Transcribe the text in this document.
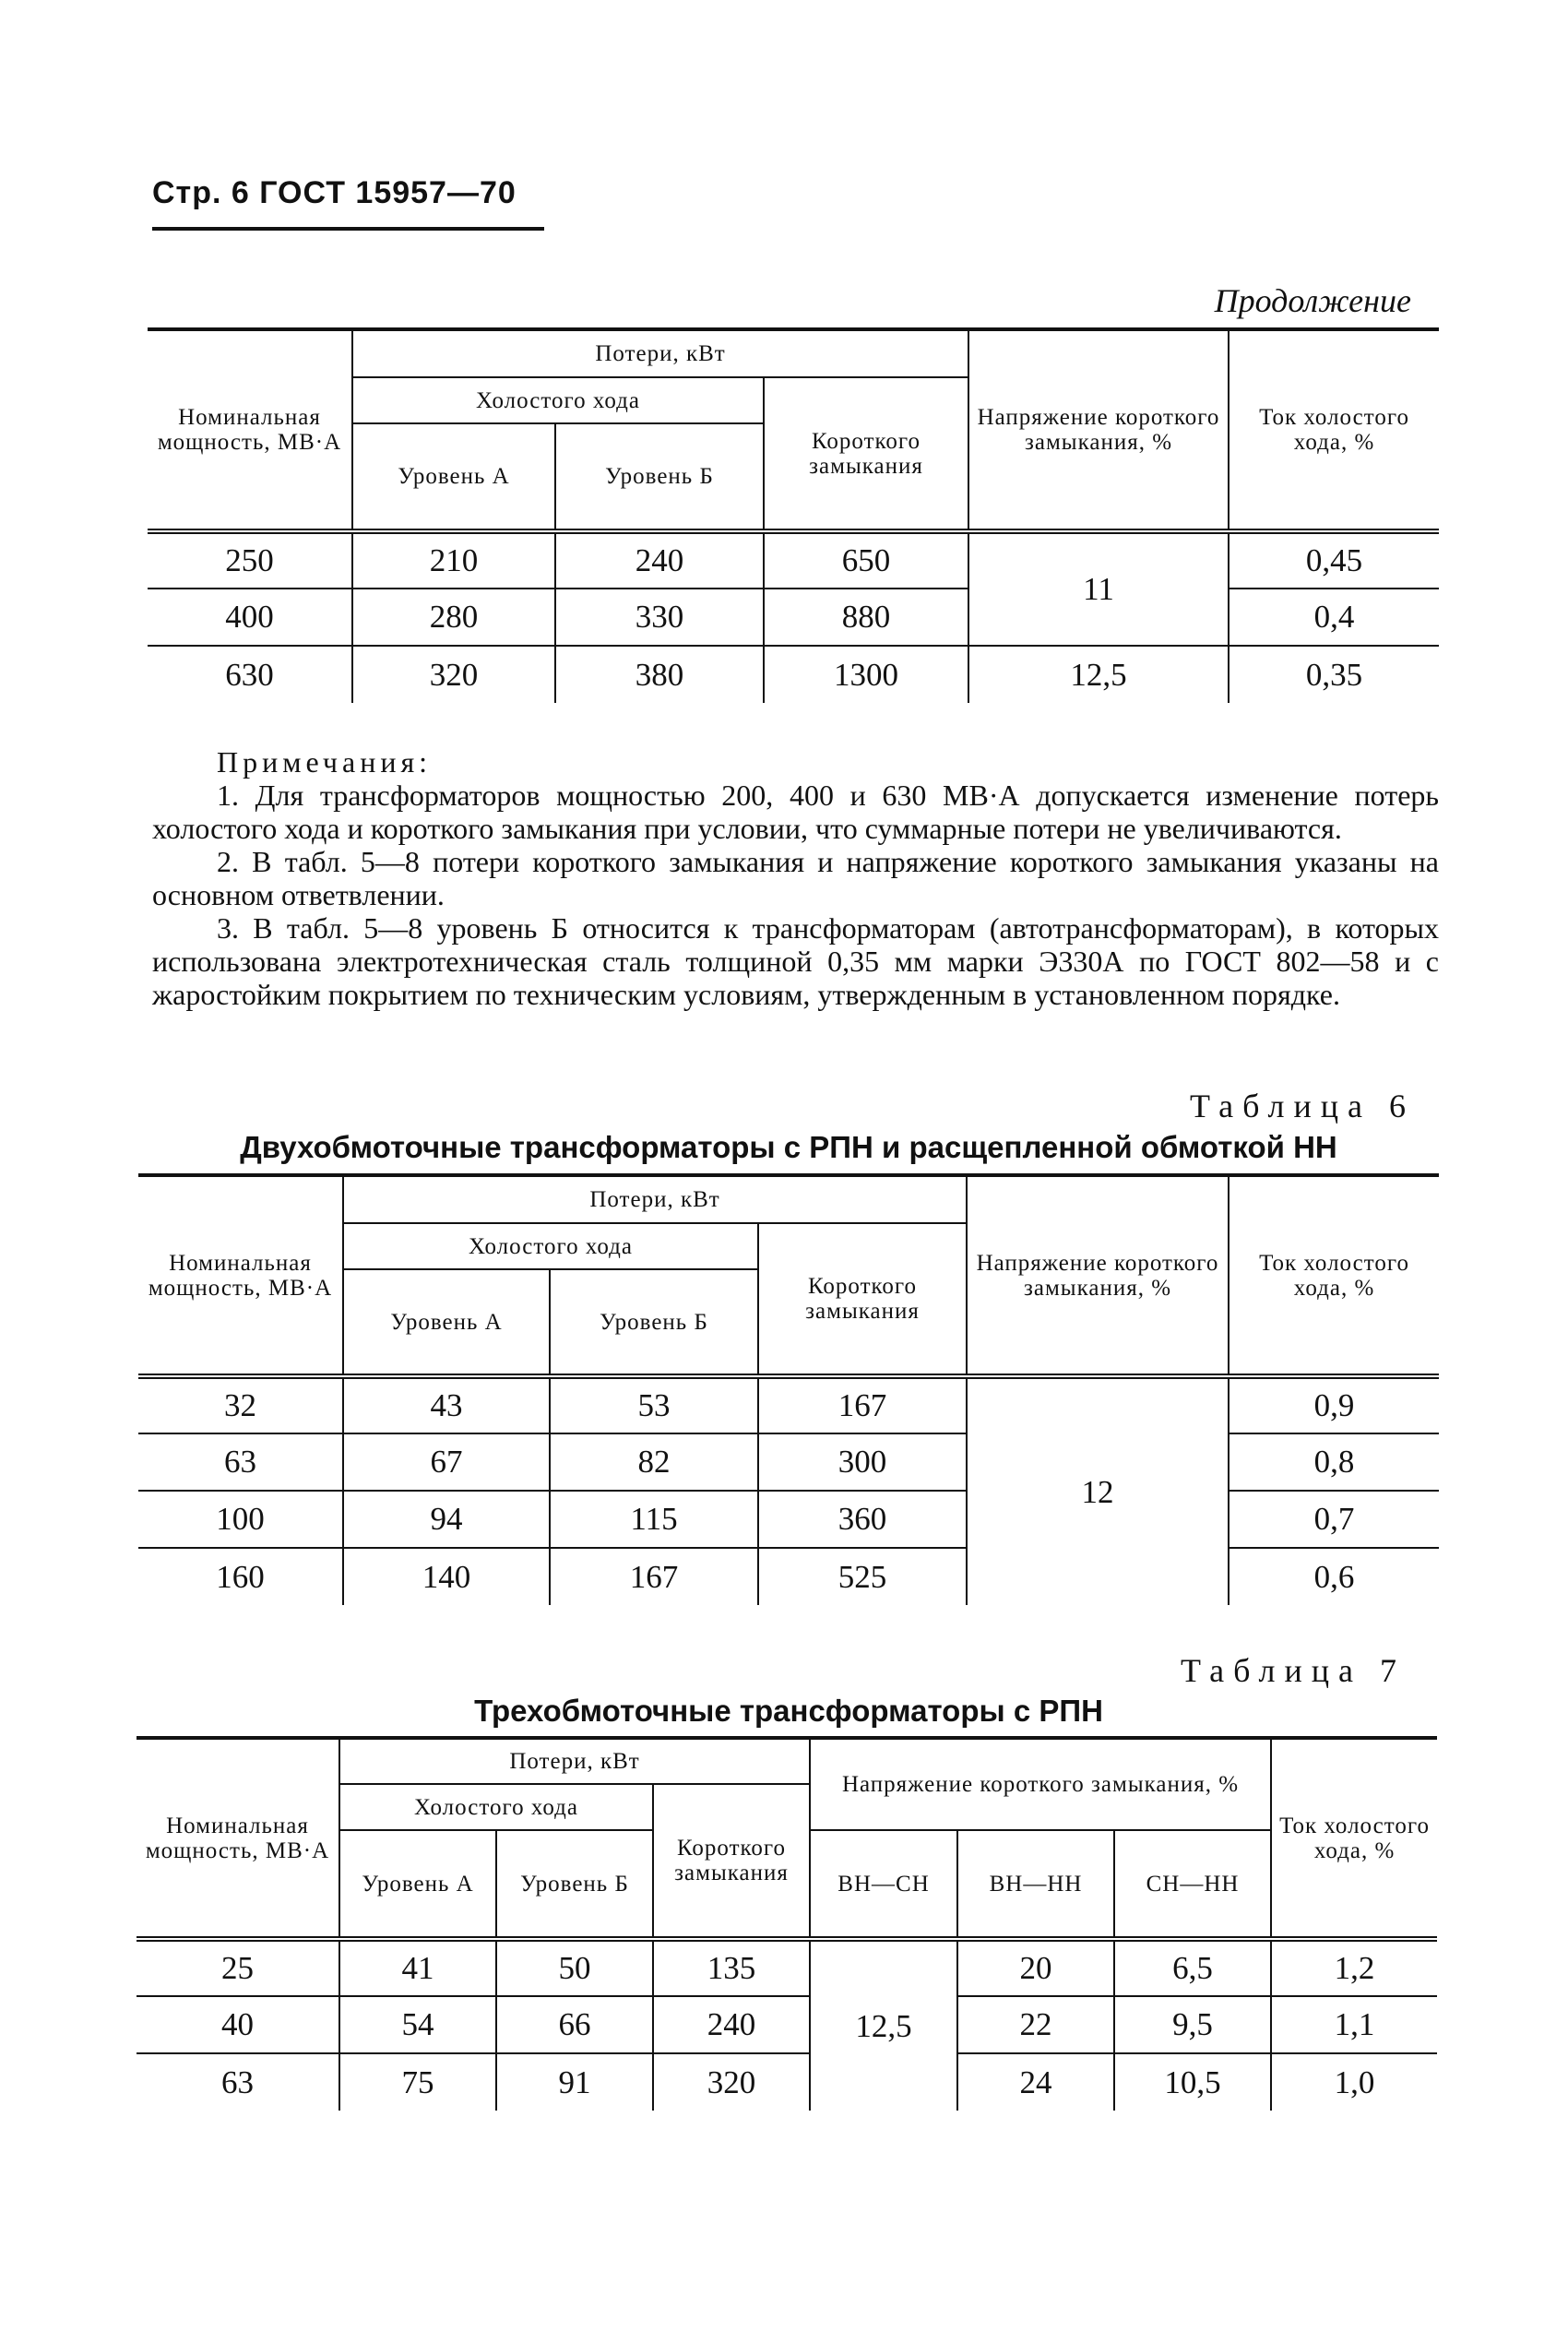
Стр. 6 ГОСТ 15957—70
Продолжение
Номинальная мощность, МВ·А	Потери, кВт			Напряжение короткого замыкания, %	Ток холостого хода, %
	Холостого хода		Короткого замыкания		
	Уровень А	Уровень Б			
250	210	240	650	11	0,45
400	280	330	880		0,4
630	320	380	1300	12,5	0,35

Примечания:

1. Для трансформаторов мощностью 200, 400 и 630 МВ·А допускается изменение потерь холостого хода и короткого замыкания при условии, что суммарные потери не увеличиваются.

2. В табл. 5—8 потери короткого замыкания и напряжение короткого замыкания указаны на основном ответвлении.

3. В табл. 5—8 уровень Б относится к трансформаторам (автотрансформаторам), в которых использована электротехническая сталь толщиной 0,35 мм марки Э330А по ГОСТ 802—58 и с жаростойким покрытием по техническим условиям, утвержденным в установленном порядке.

Таблица 6
Двухобмоточные трансформаторы с РПН и расщепленной обмоткой НН
Номинальная мощность, МВ·А	Потери, кВт			Напряжение короткого замыкания, %	Ток холостого хода, %
	Холостого хода		Короткого замыкания		
	Уровень А	Уровень Б			
32	43	53	167	12	0,9
63	67	82	300		0,8
100	94	115	360		0,7
160	140	167	525		0,6
Таблица 7
Трехобмоточные трансформаторы с РПН
Номинальная мощность, МВ·А	Потери, кВт			Напряжение короткого замыкания, %			Ток холостого хода, %
	Холостого хода		Короткого замыкания				
	Уровень А	Уровень Б		ВН—СН	ВН—НН	СН—НН	
25	41	50	135	12,5	20	6,5	1,2
40	54	66	240		22	9,5	1,1
63	75	91	320		24	10,5	1,0
